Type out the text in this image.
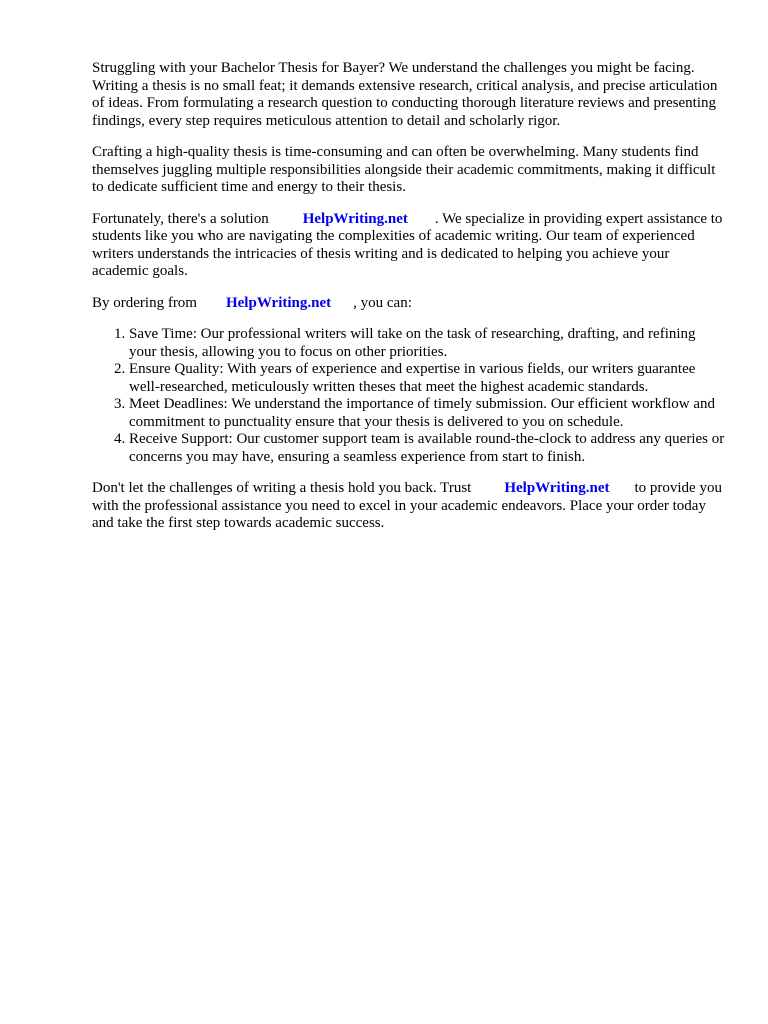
Struggling with your Bachelor Thesis for Bayer? We understand the challenges you might be facing. Writing a thesis is no small feat; it demands extensive research, critical analysis, and precise articulation of ideas. From formulating a research question to conducting thorough literature reviews and presenting findings, every step requires meticulous attention to detail and scholarly rigor.

Crafting a high-quality thesis is time-consuming and can often be overwhelming. Many students find themselves juggling multiple responsibilities alongside their academic commitments, making it difficult to dedicate sufficient time and energy to their thesis.

Fortunately, there's a solution HelpWriting.net . We specialize in providing expert assistance to students like you who are navigating the complexities of academic writing. Our team of experienced writers understands the intricacies of thesis writing and is dedicated to helping you achieve your academic goals.

By ordering from HelpWriting.net , you can:

1. Save Time: Our professional writers will take on the task of researching, drafting, and refining your thesis, allowing you to focus on other priorities.
2. Ensure Quality: With years of experience and expertise in various fields, our writers guarantee well-researched, meticulously written theses that meet the highest academic standards.
3. Meet Deadlines: We understand the importance of timely submission. Our efficient workflow and commitment to punctuality ensure that your thesis is delivered to you on schedule.
4. Receive Support: Our customer support team is available round-the-clock to address any queries or concerns you may have, ensuring a seamless experience from start to finish.

Don't let the challenges of writing a thesis hold you back. Trust HelpWriting.net to provide you with the professional assistance you need to excel in your academic endeavors. Place your order today and take the first step towards academic success.
